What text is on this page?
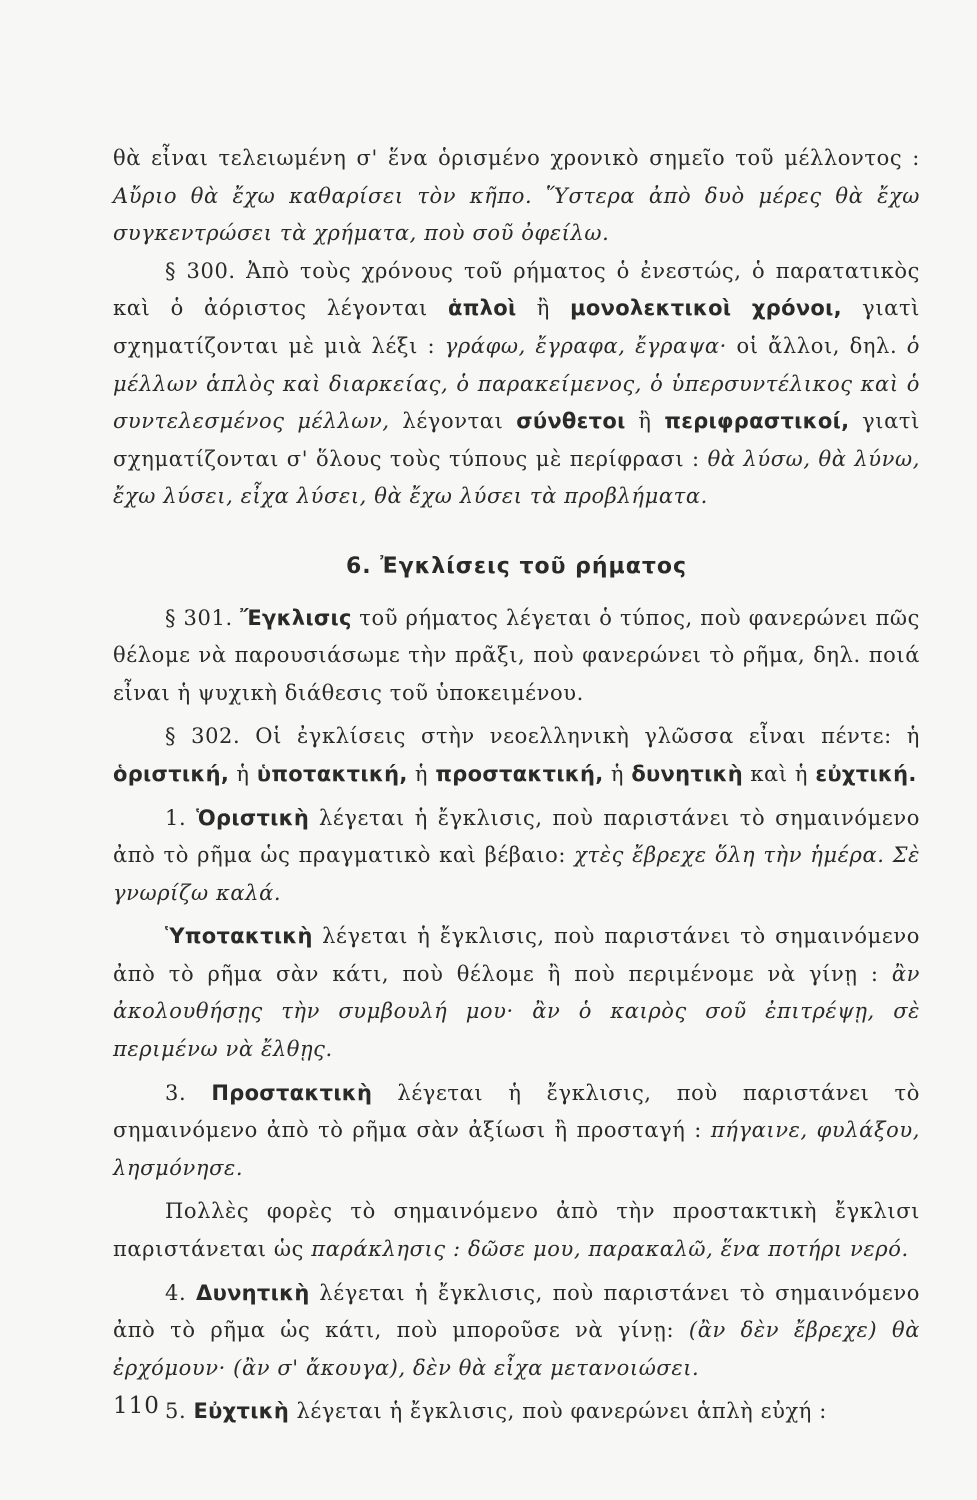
θὰ εἶναι τελειωμένη σ' ἕνα ὁρισμένο χρονικὸ σημεῖο τοῦ μέλλοντος : Αὔριο θὰ ἔχω καθαρίσει τὸν κῆπο. Ὕστερα ἀπὸ δυὸ μέρες θὰ ἔχω συγκεντρώσει τὰ χρήματα, ποὺ σοῦ ὀφείλω.

§ 300. Ἀπὸ τοὺς χρόνους τοῦ ρήματος ὁ ἐνεστώς, ὁ παρατατικὸς καὶ ὁ ἀόριστος λέγονται ἁπλοὶ ἢ μονολεκτικοὶ χρόνοι, γιατὶ σχηματίζονται μὲ μιὰ λέξι : γράφω, ἔγραφα, ἔγραψα· οἱ ἄλλοι, δηλ. ὁ μέλλων ἁπλὸς καὶ διαρκείας, ὁ παρακείμενος, ὁ ὑπερσυντέλικος καὶ ὁ συντελεσμένος μέλλων, λέγονται σύνθετοι ἢ περιφραστικοί, γιατὶ σχηματίζονται σ' ὅλους τοὺς τύπους μὲ περίφρασι : θὰ λύσω, θὰ λύνω, ἔχω λύσει, εἶχα λύσει, θὰ ἔχω λύσει τὰ προβλήματα.

6. Ἐγκλίσεις τοῦ ρήματος

§ 301. Ἔγκλισις τοῦ ρήματος λέγεται ὁ τύπος, ποὺ φανερώνει πῶς θέλομε νὰ παρουσιάσωμε τὴν πρᾶξι, ποὺ φανερώνει τὸ ρῆμα, δηλ. ποιά εἶναι ἡ ψυχικὴ διάθεσις τοῦ ὑποκειμένου.

§ 302. Οἱ ἐγκλίσεις στὴν νεοελληνικὴ γλῶσσα εἶναι πέντε: ἡ ὁριστική, ἡ ὑποτακτική, ἡ προστακτική, ἡ δυνητικὴ καὶ ἡ εὐχτική.

1. Ὁριστικὴ λέγεται ἡ ἔγκλισις, ποὺ παριστάνει τὸ σημαινόμενο ἀπὸ τὸ ρῆμα ὡς πραγματικὸ καὶ βέβαιο: χτὲς ἔβρεχε ὅλη τὴν ἡμέρα. Σὲ γνωρίζω καλά.

Ὑποτακτικὴ λέγεται ἡ ἔγκλισις, ποὺ παριστάνει τὸ σημαινόμενο ἀπὸ τὸ ρῆμα σὰν κάτι, ποὺ θέλομε ἢ ποὺ περιμένομε νὰ γίνῃ : ἂν ἀκολουθήσῃς τὴν συμβουλή μου· ἂν ὁ καιρὸς σοῦ ἐπιτρέψῃ, σὲ περιμένω νὰ ἔλθῃς.

3. Προστακτικὴ λέγεται ἡ ἔγκλισις, ποὺ παριστάνει τὸ σημαινόμενο ἀπὸ τὸ ρῆμα σὰν ἀξίωσι ἢ προσταγή : πήγαινε, φυλάξου, λησμόνησε.

Πολλὲς φορὲς τὸ σημαινόμενο ἀπὸ τὴν προστακτικὴ ἔγκλισι παριστάνεται ὡς παράκλησις : δῶσε μου, παρακαλῶ, ἕνα ποτήρι νερό.

4. Δυνητικὴ λέγεται ἡ ἔγκλισις, ποὺ παριστάνει τὸ σημαινόμενο ἀπὸ τὸ ρῆμα ὡς κάτι, ποὺ μποροῦσε νὰ γίνῃ: (ἂν δὲν ἔβρεχε) θὰ ἐρχόμουν· (ἂν σ' ἄκουγα), δὲν θὰ εἶχα μετανοιώσει.

5. Εὐχτικὴ λέγεται ἡ ἔγκλισις, ποὺ φανερώνει ἁπλὴ εὐχή :

110
